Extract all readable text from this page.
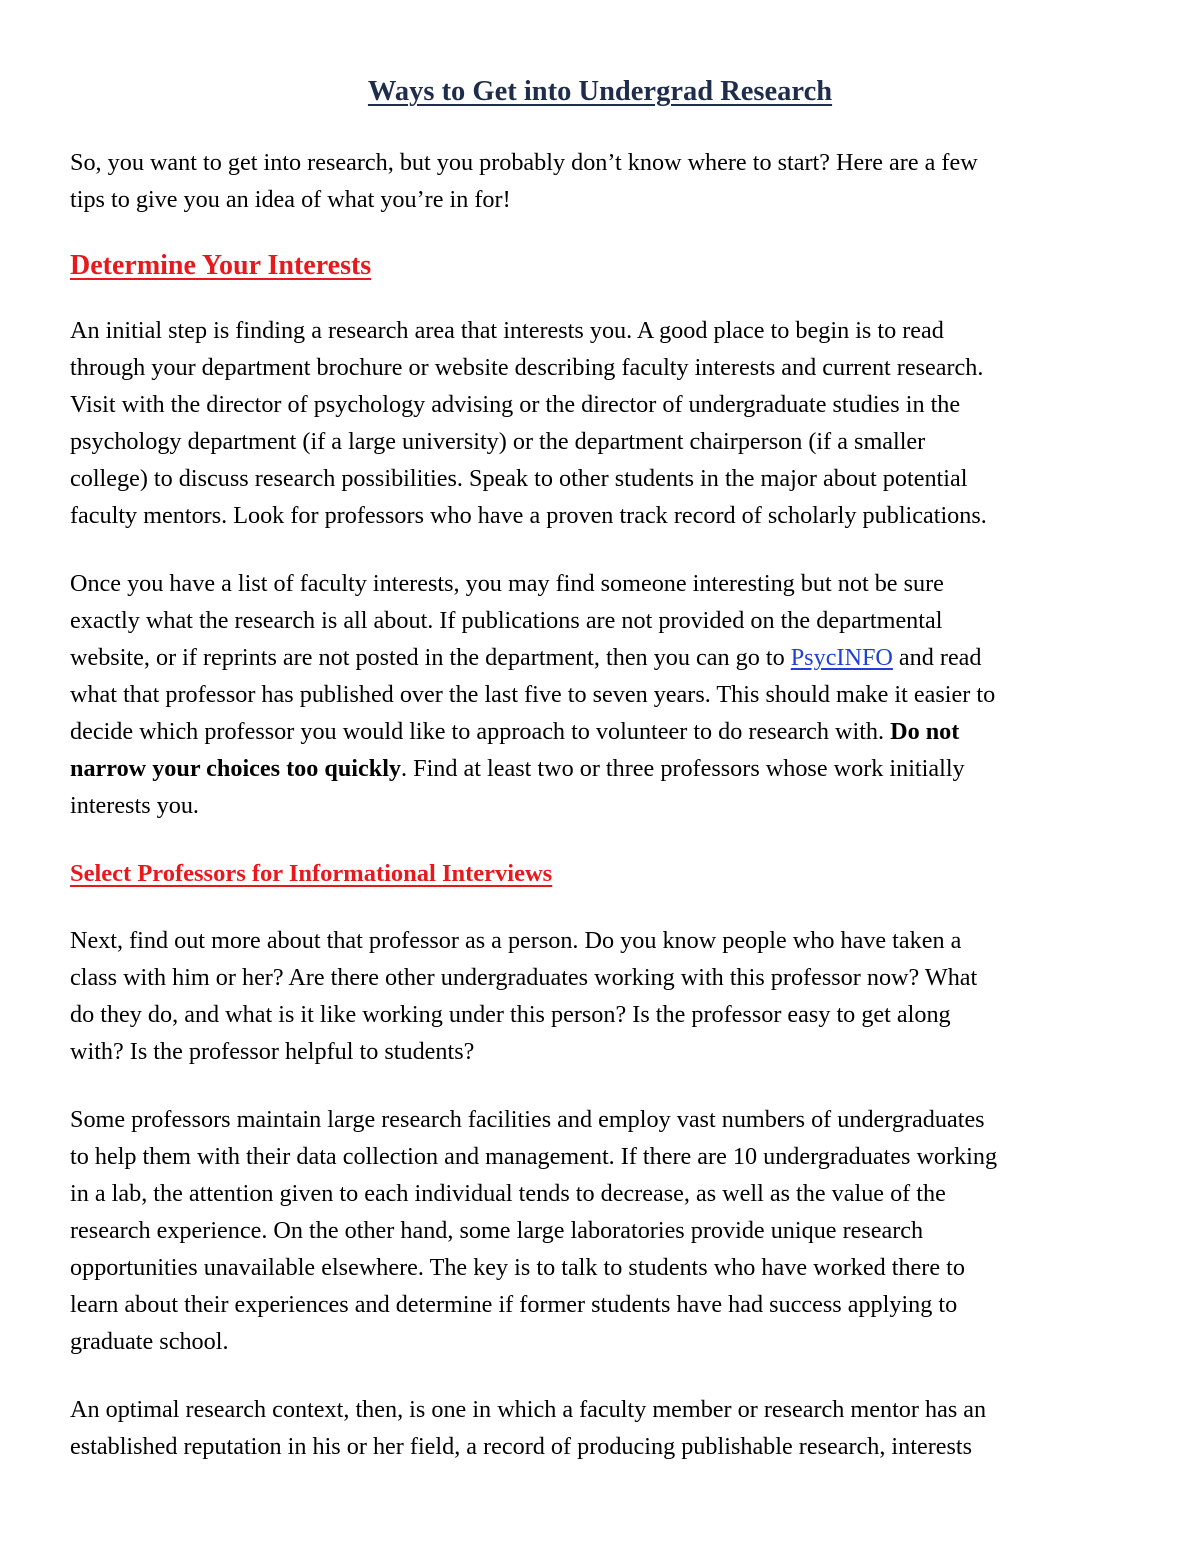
Ways to Get into Undergrad Research

So, you want to get into research, but you probably don’t know where to start? Here are a few

tips to give you an idea of what you’re in for!

Determine Your Interests

An initial step is finding a research area that interests you. A good place to begin is to read

through your department brochure or website describing faculty interests and current research.

Visit with the director of psychology advising or the director of undergraduate studies in the

psychology department (if a large university) or the department chairperson (if a smaller

college) to discuss research possibilities. Speak to other students in the major about potential

faculty mentors. Look for professors who have a proven track record of scholarly publications.

Once you have a list of faculty interests, you may find someone interesting but not be sure

exactly what the research is all about. If publications are not provided on the departmental

website, or if reprints are not posted in the department, then you can go to PsycINFO and read

what that professor has published over the last five to seven years. This should make it easier to

decide which professor you would like to approach to volunteer to do research with. Do not

narrow your choices too quickly. Find at least two or three professors whose work initially

interests you.

Select Professors for Informational Interviews

Next, find out more about that professor as a person. Do you know people who have taken a

class with him or her? Are there other undergraduates working with this professor now? What

do they do, and what is it like working under this person? Is the professor easy to get along

with? Is the professor helpful to students?

Some professors maintain large research facilities and employ vast numbers of undergraduates

to help them with their data collection and management. If there are 10 undergraduates working

in a lab, the attention given to each individual tends to decrease, as well as the value of the

research experience. On the other hand, some large laboratories provide unique research

opportunities unavailable elsewhere. The key is to talk to students who have worked there to

learn about their experiences and determine if former students have had success applying to

graduate school.

An optimal research context, then, is one in which a faculty member or research mentor has an

established reputation in his or her field, a record of producing publishable research, interests
